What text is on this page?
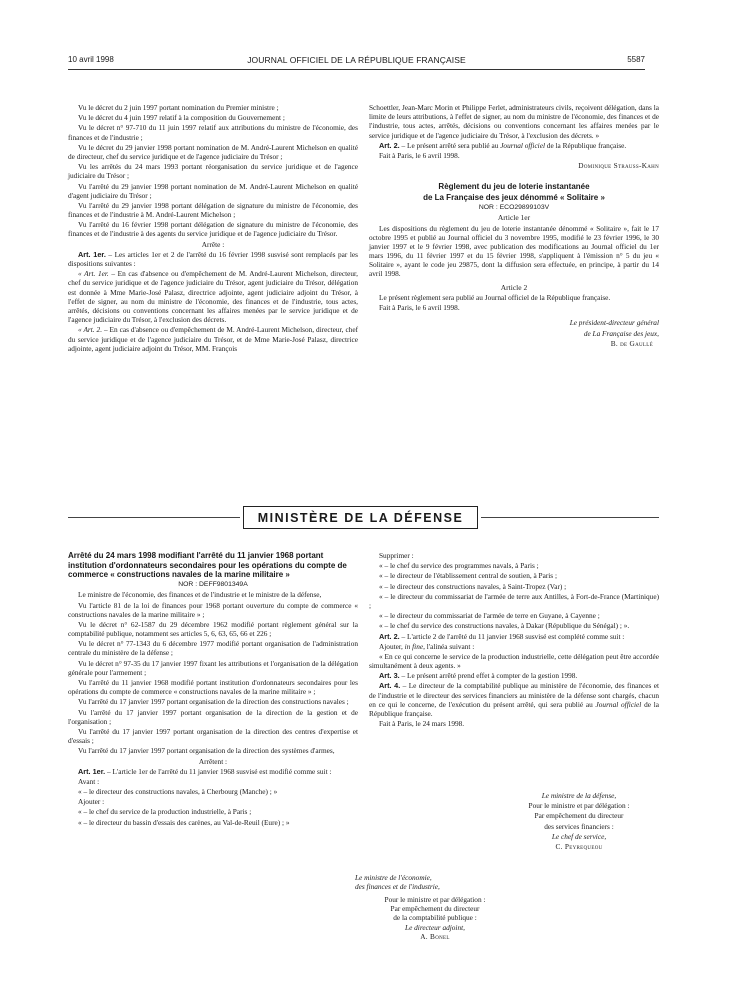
10 avril 1998	JOURNAL OFFICIEL DE LA RÉPUBLIQUE FRANÇAISE	5587

Vu le décret du 2 juin 1997 portant nomination du Premier ministre ;

Vu le décret du 4 juin 1997 relatif à la composition du Gouvernement ;

Vu le décret n° 97-710 du 11 juin 1997 relatif aux attributions du ministre de l'économie, des finances et de l'industrie ;

Vu le décret du 29 janvier 1998 portant nomination de M. André-Laurent Michelson en qualité de directeur, chef du service juridique et de l'agence judiciaire du Trésor ;

Vu les arrêtés du 24 mars 1993 portant réorganisation du service juridique et de l'agence judiciaire du Trésor ;

Vu l'arrêté du 29 janvier 1998 portant nomination de M. André-Laurent Michelson en qualité d'agent judiciaire du Trésor ;

Vu l'arrêté du 29 janvier 1998 portant délégation de signature du ministre de l'économie, des finances et de l'industrie à M. André-Laurent Michelson ;

Vu l'arrêté du 16 février 1998 portant délégation de signature du ministre de l'économie, des finances et de l'industrie à des agents du service juridique et de l'agence judiciaire du Trésor.

Arrête :

Art. 1er. – Les articles 1er et 2 de l'arrêté du 16 février 1998 susvisé sont remplacés par les dispositions suivantes :

« Art. 1er. – En cas d'absence ou d'empêchement de M. André-Laurent Michelson, directeur, chef du service juridique et de l'agence judiciaire du Trésor, agent judiciaire du Trésor, délégation est donnée à Mme Marie-José Palasz, directrice adjointe, agent judiciaire adjoint du Trésor, à l'effet de signer, au nom du ministre de l'économie, des finances et de l'industrie, tous actes, arrêtés, décisions ou conventions concernant les affaires menées par le service juridique et de l'agence judiciaire du Trésor, à l'exclusion des décrets.

« Art. 2. – En cas d'absence ou d'empêchement de M. André-Laurent Michelson, directeur, chef du service juridique et de l'agence judiciaire du Trésor, et de Mme Marie-José Palasz, directrice adjointe, agent judiciaire adjoint du Trésor, MM. François

Schoettler, Jean-Marc Morin et Philippe Ferlet, administrateurs civils, reçoivent délégation, dans la limite de leurs attributions, à l'effet de signer, au nom du ministre de l'économie, des finances et de l'industrie, tous actes, arrêtés, décisions ou conventions concernant les affaires menées par le service juridique et de l'agence judiciaire du Trésor, à l'exclusion des décrets. »

Art. 2. – Le présent arrêté sera publié au Journal officiel de la République française.

Fait à Paris, le 6 avril 1998.

Dominique Strauss-Kahn

Règlement du jeu de loterie instantanée

de La Française des jeux dénommé « Solitaire »

NOR : ECO29899103V

Article 1er

Les dispositions du règlement du jeu de loterie instantanée dénommé « Solitaire », fait le 17 octobre 1995 et publié au Journal officiel du 3 novembre 1995, modifié le 23 février 1996, le 30 janvier 1997 et le 9 février 1998, avec publication des modifications au Journal officiel du 1er mars 1996, du 11 février 1997 et du 15 février 1998, s'appliquent à l'émission n° 5 du jeu « Solitaire », ayant le code jeu 29875, dont la diffusion sera effectuée, en principe, à partir du 14 avril 1998.

Article 2

Le présent règlement sera publié au Journal officiel de la République française.

Fait à Paris, le 6 avril 1998.

Le président-directeur général

de La Française des jeux,

B. de Gaullé

MINISTÈRE DE LA DÉFENSE

Arrêté du 24 mars 1998 modifiant l'arrêté du 11 janvier 1968 portant institution d'ordonnateurs secondaires pour les opérations du compte de commerce « constructions navales de la marine militaire »

NOR : DEFF9801349A

Le ministre de l'économie, des finances et de l'industrie et le ministre de la défense,

Vu l'article 81 de la loi de finances pour 1968 portant ouverture du compte de commerce « constructions navales de la marine militaire » ;

Vu le décret n° 62-1587 du 29 décembre 1962 modifié portant règlement général sur la comptabilité publique, notamment ses articles 5, 6, 63, 65, 66 et 226 ;

Vu le décret n° 77-1343 du 6 décembre 1977 modifié portant organisation de l'administration centrale du ministère de la défense ;

Vu le décret n° 97-35 du 17 janvier 1997 fixant les attributions et l'organisation de la délégation générale pour l'armement ;

Vu l'arrêté du 11 janvier 1968 modifié portant institution d'ordonnateurs secondaires pour les opérations du compte de commerce « constructions navales de la marine militaire » ;

Vu l'arrêté du 17 janvier 1997 portant organisation de la direction des constructions navales ;

Vu l'arrêté du 17 janvier 1997 portant organisation de la direction de la gestion et de l'organisation ;

Vu l'arrêté du 17 janvier 1997 portant organisation de la direction des centres d'expertise et d'essais ;

Vu l'arrêté du 17 janvier 1997 portant organisation de la direction des systèmes d'armes,

Arrêtent :

Art. 1er. – L'article 1er de l'arrêté du 11 janvier 1968 susvisé est modifié comme suit :

Avant :

« – le directeur des constructions navales, à Cherbourg (Manche) ; »

Ajouter :

« – le chef du service de la production industrielle, à Paris ;

« – le directeur du bassin d'essais des carènes, au Val-de-Reuil (Eure) ; »

Supprimer :

« – le chef du service des programmes navals, à Paris ;

« – le directeur de l'établissement central de soutien, à Paris ;

« – le directeur des constructions navales, à Saint-Tropez (Var) ;

« – le directeur du commissariat de l'armée de terre aux Antilles, à Fort-de-France (Martinique) ;

« – le directeur du commissariat de l'armée de terre en Guyane, à Cayenne ;

« – le chef du service des constructions navales, à Dakar (République du Sénégal) ; ».

Art. 2. – L'article 2 de l'arrêté du 11 janvier 1968 susvisé est complété comme suit :

Ajouter, in fine, l'alinéa suivant :

« En ce qui concerne le service de la production industrielle, cette délégation peut être accordée simultanément à deux agents. »

Art. 3. – Le présent arrêté prend effet à compter de la gestion 1998.

Art. 4. – Le directeur de la comptabilité publique au ministère de l'économie, des finances et de l'industrie et le directeur des services financiers au ministère de la défense sont chargés, chacun en ce qui le concerne, de l'exécution du présent arrêté, qui sera publié au Journal officiel de la République française.

Fait à Paris, le 24 mars 1998.

Le ministre de la défense,

Pour le ministre et par délégation :

Par empêchement du directeur

des services financiers :

Le chef de service,

C. Peyrequeou

Le ministre de l'économie,

des finances et de l'industrie,

Pour le ministre et par délégation :

Par empêchement du directeur

de la comptabilité publique :

Le directeur adjoint,

A. Bonel
